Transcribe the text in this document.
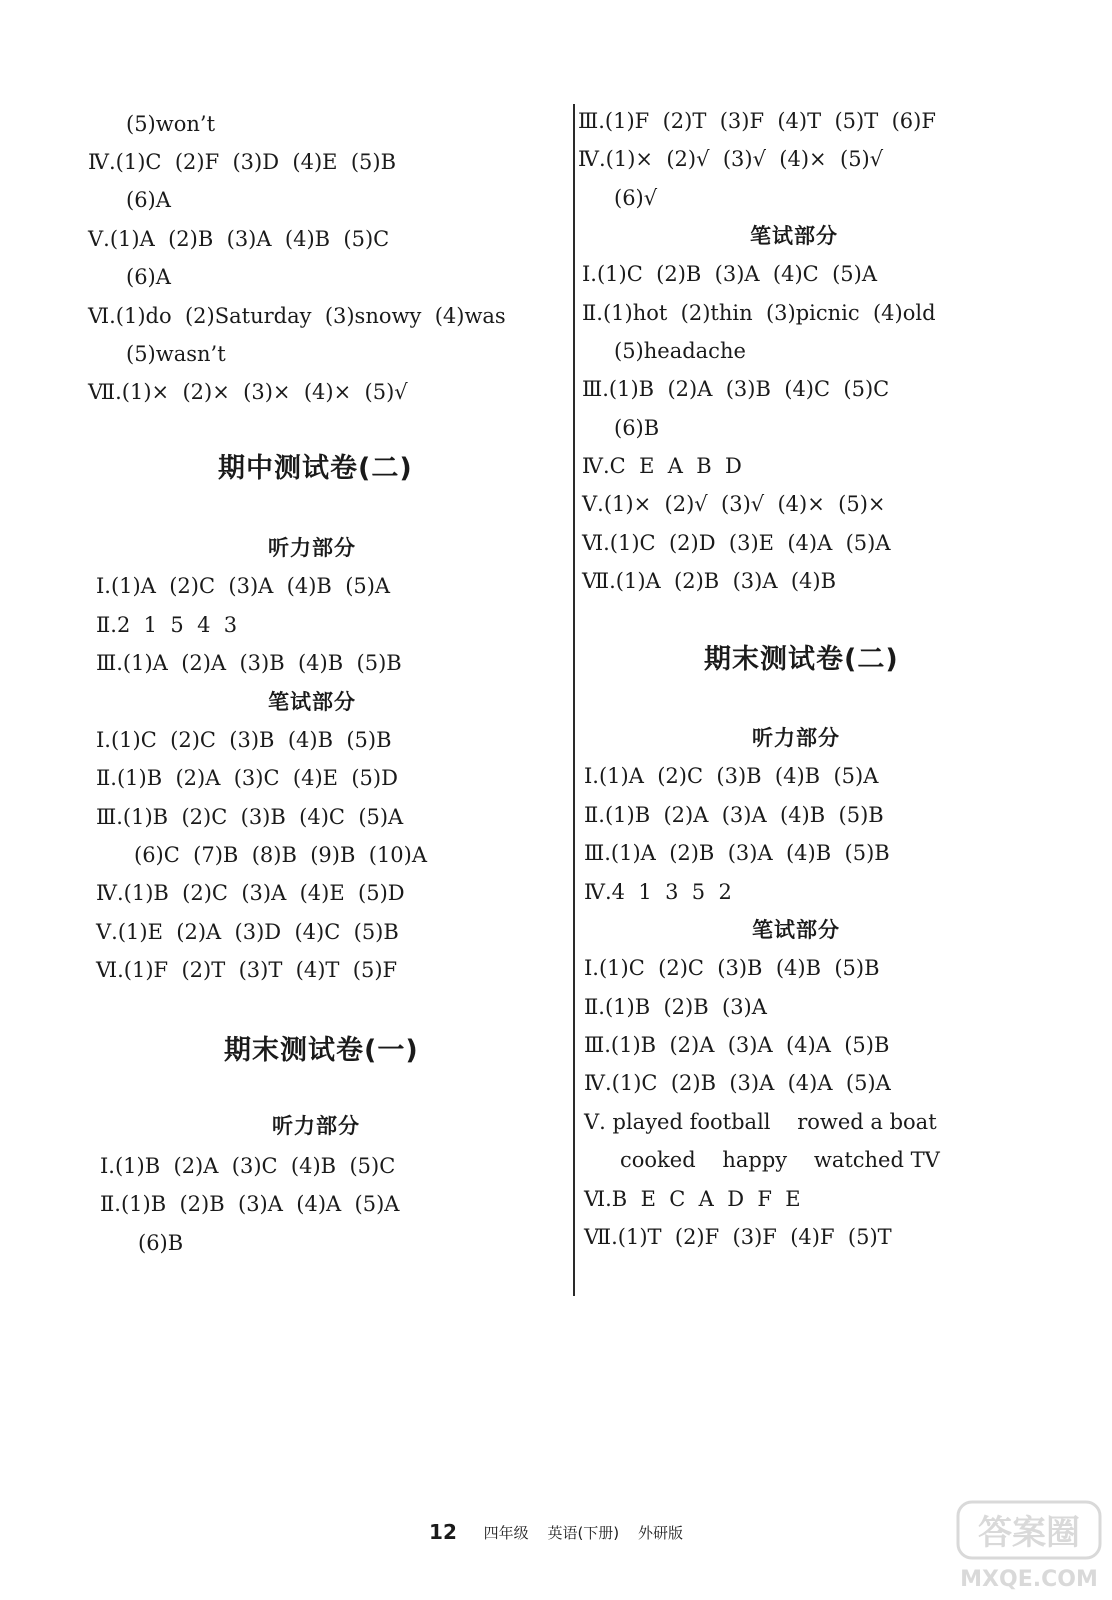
(5)won’t
Ⅳ.(1)C  (2)F  (3)D  (4)E  (5)B
(6)A
Ⅴ.(1)A  (2)B  (3)A  (4)B  (5)C
(6)A
Ⅵ.(1)do  (2)Saturday  (3)snowy  (4)was
(5)wasn’t
Ⅶ.(1)×  (2)×  (3)×  (4)×  (5)√
期中测试卷(二)
听力部分
Ⅰ.(1)A  (2)C  (3)A  (4)B  (5)A
Ⅱ.2  1  5  4  3
Ⅲ.(1)A  (2)A  (3)B  (4)B  (5)B
笔试部分
Ⅰ.(1)C  (2)C  (3)B  (4)B  (5)B
Ⅱ.(1)B  (2)A  (3)C  (4)E  (5)D
Ⅲ.(1)B  (2)C  (3)B  (4)C  (5)A
(6)C  (7)B  (8)B  (9)B  (10)A
Ⅳ.(1)B  (2)C  (3)A  (4)E  (5)D
Ⅴ.(1)E  (2)A  (3)D  (4)C  (5)B
Ⅵ.(1)F  (2)T  (3)T  (4)T  (5)F
期末测试卷(一)
听力部分
Ⅰ.(1)B  (2)A  (3)C  (4)B  (5)C
Ⅱ.(1)B  (2)B  (3)A  (4)A  (5)A
(6)B
Ⅲ.(1)F  (2)T  (3)F  (4)T  (5)T  (6)F
Ⅳ.(1)×  (2)√  (3)√  (4)×  (5)√
(6)√
笔试部分
Ⅰ.(1)C  (2)B  (3)A  (4)C  (5)A
Ⅱ.(1)hot  (2)thin  (3)picnic  (4)old
(5)headache
Ⅲ.(1)B  (2)A  (3)B  (4)C  (5)C
(6)B
Ⅳ.C  E  A  B  D
Ⅴ.(1)×  (2)√  (3)√  (4)×  (5)×
Ⅵ.(1)C  (2)D  (3)E  (4)A  (5)A
Ⅶ.(1)A  (2)B  (3)A  (4)B
期末测试卷(二)
听力部分
Ⅰ.(1)A  (2)C  (3)B  (4)B  (5)A
Ⅱ.(1)B  (2)A  (3)A  (4)B  (5)B
Ⅲ.(1)A  (2)B  (3)A  (4)B  (5)B
Ⅳ.4  1  3  5  2
笔试部分
Ⅰ.(1)C  (2)C  (3)B  (4)B  (5)B
Ⅱ.(1)B  (2)B  (3)A
Ⅲ.(1)B  (2)A  (3)A  (4)A  (5)B
Ⅳ.(1)C  (2)B  (3)A  (4)A  (5)A
Ⅴ. played football    rowed a boat
cooked    happy    watched TV
Ⅵ.B  E  C  A  D  F  E
Ⅶ.(1)T  (2)F  (3)F  (4)F  (5)T
12 四年级 英语(下册) 外研版	答案圈
MXQE.COM
